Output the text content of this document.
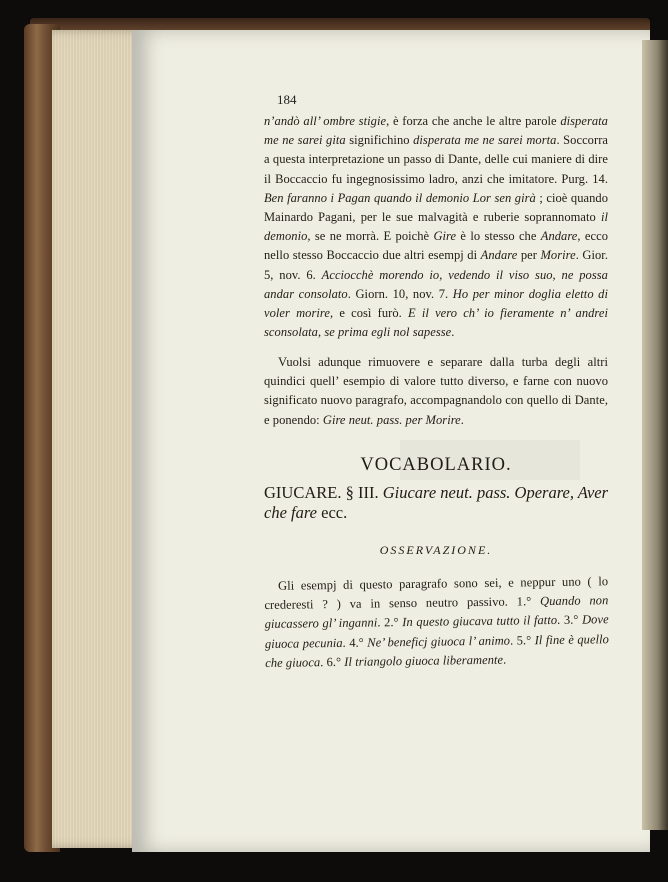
184

n’andò all’ ombre stigie, è forza che anche le altre parole disperata me ne sarei gita significhino disperata me ne sarei morta. Soccorra a questa interpretazione un passo di Dante, delle cui maniere di dire il Boccaccio fu ingegnosissimo ladro, anzi che imitatore. Purg. 14. Ben faranno i Pagan quando il demonio Lor sen girà ; cioè quando Mainardo Pagani, per le sue malvagità e ruberie soprannomato il demonio, se ne morrà. E poichè Gire è lo stesso che Andare, ecco nello stesso Boccaccio due altri esempj di Andare per Morire. Gior. 5, nov. 6. Acciocchè morendo io, vedendo il viso suo, ne possa andar consolato. Giorn. 10, nov. 7. Ho per minor doglia eletto di voler morire, e così furò. E il vero ch’ io fieramente n’ andrei sconsolata, se prima egli nol sapesse.

Vuolsi adunque rimuovere e separare dalla turba degli altri quindici quell’ esempio di valore tutto diverso, e farne con nuovo significato nuovo paragrafo, accompagnandolo con quello di Dante, e ponendo: Gire neut. pass. per Morire.

VOCABOLARIO.
GIUCARE. § III. Giucare neut. pass. Operare, Aver che fare ecc.
OSSERVAZIONE.

Gli esempj di questo paragrafo sono sei, e neppur uno ( lo crederesti ? ) va in senso neutro passivo. 1.° Quando non giucassero gl’ inganni. 2.° In questo giucava tutto il fatto. 3.° Dove giuoca pecunia. 4.° Ne’ beneficj giuoca l’ animo. 5.° Il fine è quello che giuoca. 6.° Il triangolo giuoca liberamente.
